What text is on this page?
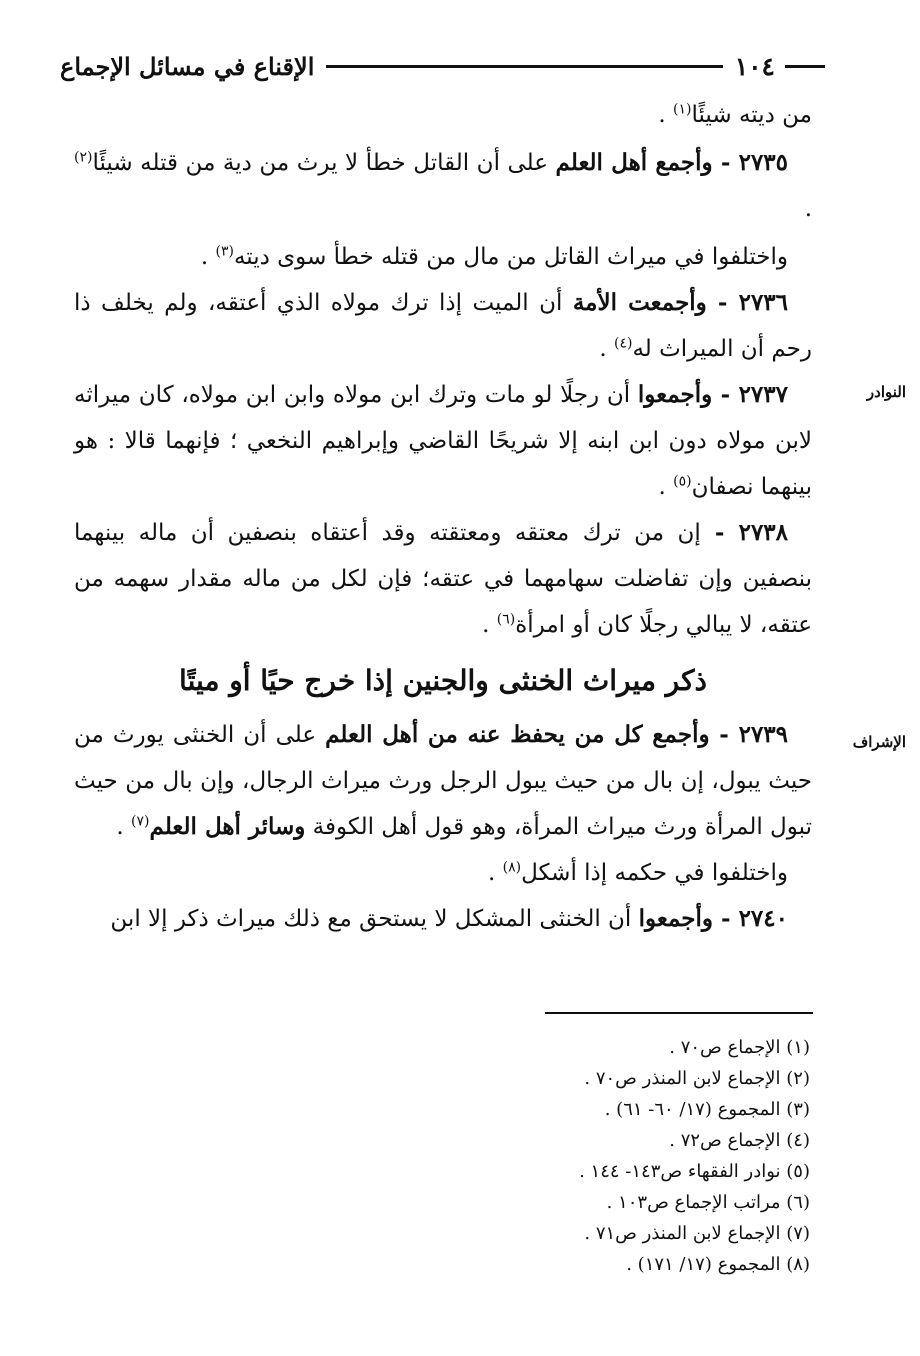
١٠٤
الإقناع في مسائل الإجماع
النوادر
الإشراف

من ديته شيئًا$^{(١)}$ .

٢٧٣٥ - وأجمع أهل العلم على أن القاتل خطأ لا يرث من دية من قتله شيئًا$^{(٢)}$ .

واختلفوا في ميراث القاتل من مال من قتله خطأ سوى ديته$^{(٣)}$ .

٢٧٣٦ - وأجمعت الأمة أن الميت إذا ترك مولاه الذي أعتقه، ولم يخلف ذا رحم أن الميراث له$^{(٤)}$ .

٢٧٣٧ - وأجمعوا أن رجلًا لو مات وترك ابن مولاه وابن ابن مولاه، كان ميراثه لابن مولاه دون ابن ابنه إلا شريحًا القاضي وإبراهيم النخعي ؛ فإنهما قالا : هو بينهما نصفان$^{(٥)}$ .

٢٧٣٨ - إن من ترك معتقه ومعتقته وقد أعتقاه بنصفين أن ماله بينهما بنصفين وإن تفاضلت سهامهما في عتقه؛ فإن لكل من ماله مقدار سهمه من عتقه، لا يبالي رجلًا كان أو امرأة$^{(٦)}$ .

ذكر ميراث الخنثى والجنين إذا خرج حيًا أو ميتًا

٢٧٣٩ - وأجمع كل من يحفظ عنه من أهل العلم على أن الخنثى يورث من حيث يبول، إن بال من حيث يبول الرجل ورث ميراث الرجال، وإن بال من حيث تبول المرأة ورث ميراث المرأة، وهو قول أهل الكوفة وسائر أهل العلم$^{(٧)}$ .

واختلفوا في حكمه إذا أشكل$^{(٨)}$ .

٢٧٤٠ - وأجمعوا أن الخنثى المشكل لا يستحق مع ذلك ميراث ذكر إلا ابن

(١) الإجماع ص٧٠ .

(٢) الإجماع لابن المنذر ص٧٠ .

(٣) المجموع (١٧/ ٦٠- ٦١) .

(٤) الإجماع ص٧٢ .

(٥) نوادر الفقهاء ص١٤٣- ١٤٤ .

(٦) مراتب الإجماع ص١٠٣ .

(٧) الإجماع لابن المنذر ص٧١ .

(٨) المجموع (١٧/ ١٧١) .
